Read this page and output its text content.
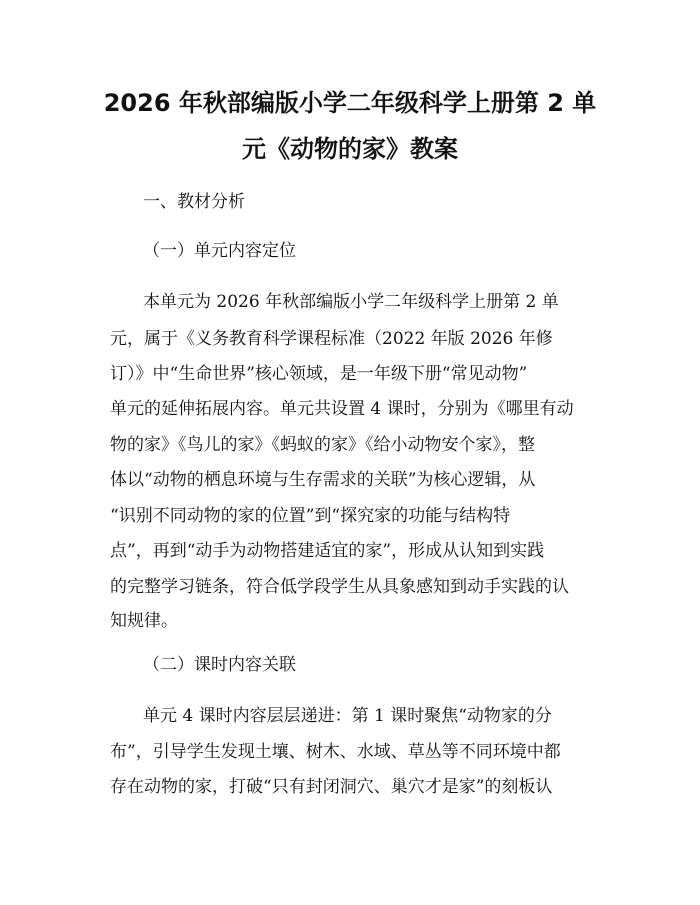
2026 年秋部编版小学二年级科学上册第 2 单
元《动物的家》教案
一、教材分析
（一）单元内容定位
本单元为 2026 年秋部编版小学二年级科学上册第 2 单
元，属于《义务教育科学课程标准（2022 年版 2026 年修
订）》中“生命世界”核心领域，是一年级下册“常见动物”
单元的延伸拓展内容。单元共设置 4 课时，分别为《哪里有动
物的家》《鸟儿的家》《蚂蚁的家》《给小动物安个家》，整
体以“动物的栖息环境与生存需求的关联”为核心逻辑，从
“识别不同动物的家的位置”到“探究家的功能与结构特
点”，再到“动手为动物搭建适宜的家”，形成从认知到实践
的完整学习链条，符合低学段学生从具象感知到动手实践的认
知规律。
（二）课时内容关联
单元 4 课时内容层层递进：第 1 课时聚焦“动物家的分
布”，引导学生发现土壤、树木、水域、草丛等不同环境中都
存在动物的家，打破“只有封闭洞穴、巢穴才是家”的刻板认
